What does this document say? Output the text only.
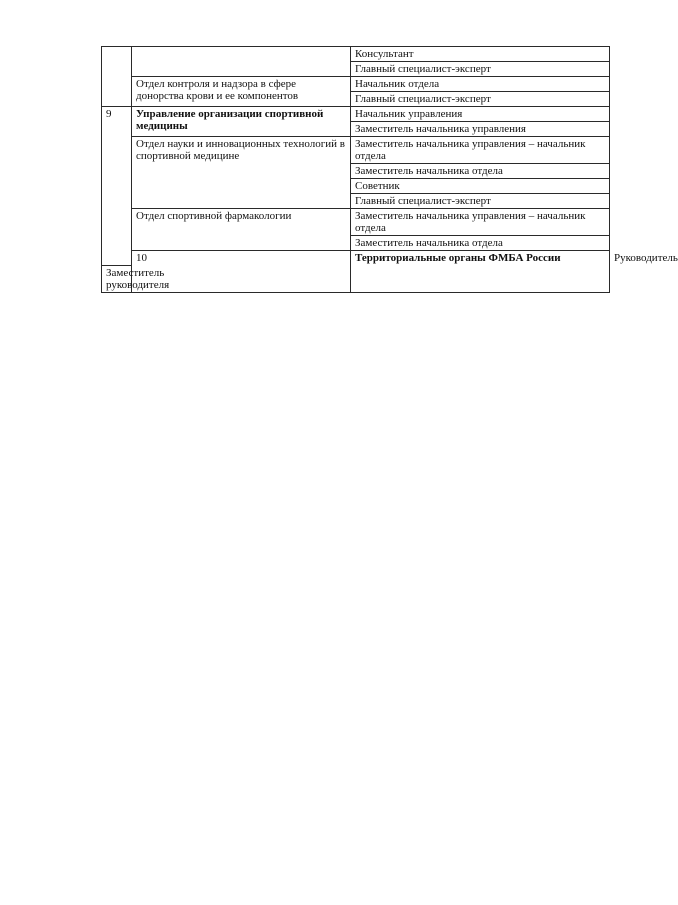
		Консультант	
		Главный специалист-эксперт	
	Отдел контроля и надзора в сфере донорства крови и ее компонентов	Начальник отдела	
		Главный специалист-эксперт	
9	Управление организации спортивной медицины	Начальник управления	
		Заместитель начальника управления	
	Отдел науки и инновационных технологий в спортивной медицине	Заместитель начальника управления – начальник отдела	
		Заместитель начальника отдела	
		Советник	
		Главный специалист-эксперт	
	Отдел спортивной фармакологии	Заместитель начальника управления – начальник отдела	
		Заместитель начальника отдела	
	10	Территориальные органы ФМБА России	Руководитель
Заместитель руководителя			
